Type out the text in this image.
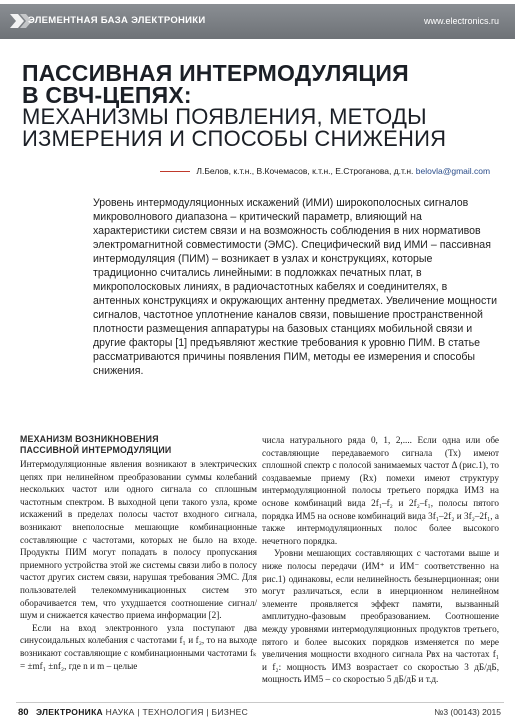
ЭЛЕМЕНТНАЯ БАЗА ЭЛЕКТРОНИКИ	www.electronics.ru
ПАССИВНАЯ ИНТЕРМОДУЛЯЦИЯ
В СВЧ-ЦЕПЯХ:
МЕХАНИЗМЫ ПОЯВЛЕНИЯ, МЕТОДЫ
ИЗМЕРЕНИЯ И СПОСОБЫ СНИЖЕНИЯ
Л.Белов, к.т.н., В.Кочемасов, к.т.н., Е.Строганова, д.т.н. belovla@gmail.com

Уровень интермодуляционных искажений (ИМИ) широкополосных сигналов микроволнового диапазона – критический параметр, влияющий на характеристики систем связи и на возможность соблюдения в них нормативов электромагнитной совместимости (ЭМС). Специфический вид ИМИ – пассивная интермодуляция (ПИМ) – возникает в узлах и конструкциях, которые традиционно считались линейными: в подложках печатных плат, в микрополосковых линиях, в радиочастотных кабелях и соединителях, в антенных конструкциях и окружающих антенну предметах. Увеличение мощности сигналов, частотное уплотнение каналов связи, повышение пространственной плотности размещения аппаратуры на базовых станциях мобильной связи и другие факторы [1] предъявляют жесткие требования к уровню ПИМ. В статье рассматриваются причины появления ПИМ, методы ее измерения и способы снижения.

МЕХАНИЗМ ВОЗНИКНОВЕНИЯ
ПАССИВНОЙ ИНТЕРМОДУЛЯЦИИ

Интермодуляционные явления возникают в электрических цепях при нелинейном преобразовании суммы колебаний нескольких частот или одного сигнала со сплошным частотным спектром. В выходной цепи такого узла, кроме искажений в пределах полосы частот входного сигнала, возникают внеполосные мешающие комбинационные составляющие с частотами, которых не было на входе. Продукты ПИМ могут попадать в полосу пропускания приемного устройства этой же системы связи либо в полосу частот других систем связи, нарушая требования ЭМС. Для пользователей телекоммуникационных систем это оборачивается тем, что ухудшается соотношение сигнал/шум и снижается качество приема информации [2].

Если на вход электронного узла поступают два синусоидальных колебания с частотами f₁ и f₂, то на выходе возникают составляющие с комбинационными частотами fₖ = ±mf₁ ±nf₂, где n и m – целые

числа натурального ряда 0, 1, 2,.... Если одна или обе составляющие передаваемого сигнала (Тх) имеют сплошной спектр с полосой занимаемых частот Δ (рис.1), то создаваемые приему (Rx) помехи имеют структуру интермодуляционной полосы третьего порядка ИМЗ на основе комбинаций вида 2f₁–f₂ и 2f₂–f₁, полосы пятого порядка ИМ5 на основе комбинаций вида 3f₁–2f₂ и 3f₂–2f₁, а также интермодуляционных полос более высокого нечетного порядка.

Уровни мешающих составляющих с частотами выше и ниже полосы передачи (ИМ⁺ и ИМ⁻ соответственно на рис.1) одинаковы, если нелинейность безынерционная; они могут различаться, если в инерционном нелинейном элементе проявляется эффект памяти, вызванный амплитудно-фазовым преобразованием. Соотношение между уровнями интермодуляционных продуктов третьего, пятого и более высоких порядков изменяется по мере увеличения мощности входного сигнала Pвх на частотах f₁ и f₂: мощность ИМЗ возрастает со скоростью 3 дБ/дБ, мощность ИМ5 – со скоростью 5 дБ/дБ и т.д.

80 ЭЛЕКТРОНИКА НАУКА | ТЕХНОЛОГИЯ | БИЗНЕС	№3 (00143) 2015
